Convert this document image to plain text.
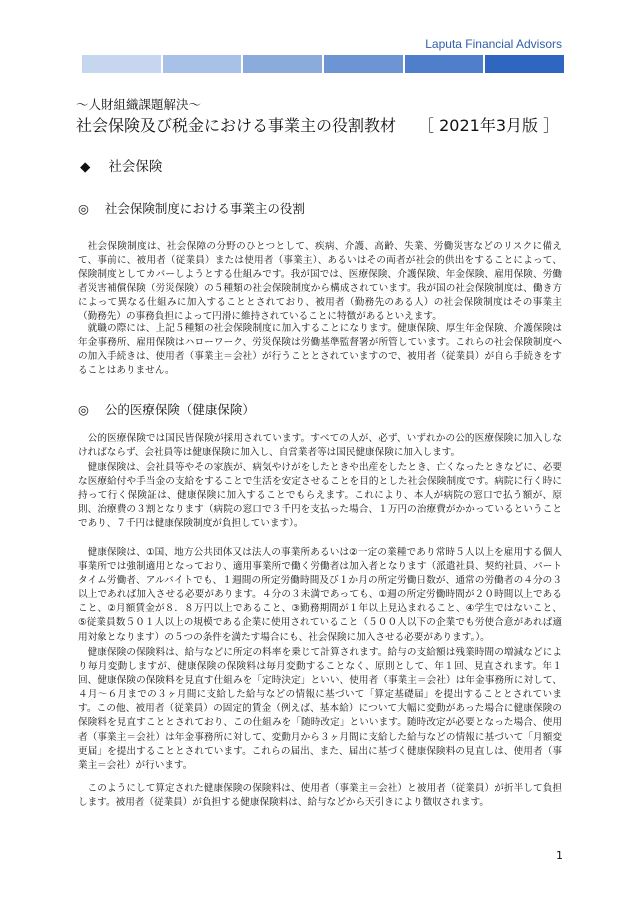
Laputa Financial Advisors
〜人財組織課題解決〜
社会保険及び税金における事業主の役割教材 ［ 2021年3月版 ］
◆ 社会保険
◎ 社会保険制度における事業主の役割

社会保険制度は、社会保障の分野のひとつとして、疾病、介護、高齢、失業、労働災害などのリスクに備えて、事前に、被用者（従業員）または使用者（事業主）、あるいはその両者が社会的供出をすることによって、保険制度としてカバーしようとする仕組みです。我が国では、医療保険、介護保険、年金保険、雇用保険、労働者災害補償保険（労災保険）の５種類の社会保険制度から構成されています。我が国の社会保険制度は、働き方によって異なる仕組みに加入することとされており、被用者（勤務先のある人）の社会保険制度はその事業主（勤務先）の事務負担によって円滑に維持されていることに特徴があるといえます。

就職の際には、上記５種類の社会保険制度に加入することになります。健康保険、厚生年金保険、介護保険は年金事務所、雇用保険はハローワーク、労災保険は労働基準監督署が所管しています。これらの社会保険制度への加入手続きは、使用者（事業主＝会社）が行うこととされていますので、被用者（従業員）が自ら手続きをすることはありません。

◎ 公的医療保険（健康保険）

公的医療保険では国民皆保険が採用されています。すべての人が、必ず、いずれかの公的医療保険に加入しなければならず、会社員等は健康保険に加入し、自営業者等は国民健康保険に加入します。

健康保険は、会社員等やその家族が、病気やけがをしたときや出産をしたとき、亡くなったときなどに、必要な医療給付や手当金の支給をすることで生活を安定させることを目的とした社会保険制度です。病院に行く時に持って行く保険証は、健康保険に加入することでもらえます。これにより、本人が病院の窓口で払う額が、原則、治療費の３割となります（病院の窓口で３千円を支払った場合、１万円の治療費がかかっているということであり、７千円は健康保険制度が負担しています）。

健康保険は、①国、地方公共団体又は法人の事業所あるいは②一定の業種であり常時５人以上を雇用する個人事業所では強制適用となっており、適用事業所で働く労働者は加入者となります（派遣社員、契約社員、パートタイム労働者、アルバイトでも、１週間の所定労働時間及び１か月の所定労働日数が、通常の労働者の４分の３以上であれば加入させる必要があります。４分の３未満であっても、①週の所定労働時間が２０時間以上であること、②月額賃金が８．８万円以上であること、③勤務期間が１年以上見込まれること、④学生ではないこと、⑤従業員数５０１人以上の規模である企業に使用されていること（５００人以下の企業でも労使合意があれば適用対象となります）の５つの条件を満たす場合にも、社会保険に加入させる必要があります。）。

健康保険の保険料は、給与などに所定の料率を乗じて計算されます。給与の支給額は残業時間の増減などにより毎月変動しますが、健康保険の保険料は毎月変動することなく、原則として、年１回、見直されます。年１回、健康保険の保険料を見直す仕組みを「定時決定」といい、使用者（事業主＝会社）は年金事務所に対して、４月〜６月までの３ヶ月間に支給した給与などの情報に基づいて「算定基礎届」を提出することとされています。この他、被用者（従業員）の固定的賃金（例えば、基本給）について大幅に変動があった場合に健康保険の保険料を見直すこととされており、この仕組みを「随時改定」といいます。随時改定が必要となった場合、使用者（事業主＝会社）は年金事務所に対して、変動月から３ヶ月間に支給した給与などの情報に基づいて「月額変更届」を提出することとされています。これらの届出、また、届出に基づく健康保険料の見直しは、使用者（事業主＝会社）が行います。

このようにして算定された健康保険の保険料は、使用者（事業主＝会社）と被用者（従業員）が折半して負担します。被用者（従業員）が負担する健康保険料は、給与などから天引きにより徴収されます。

1
